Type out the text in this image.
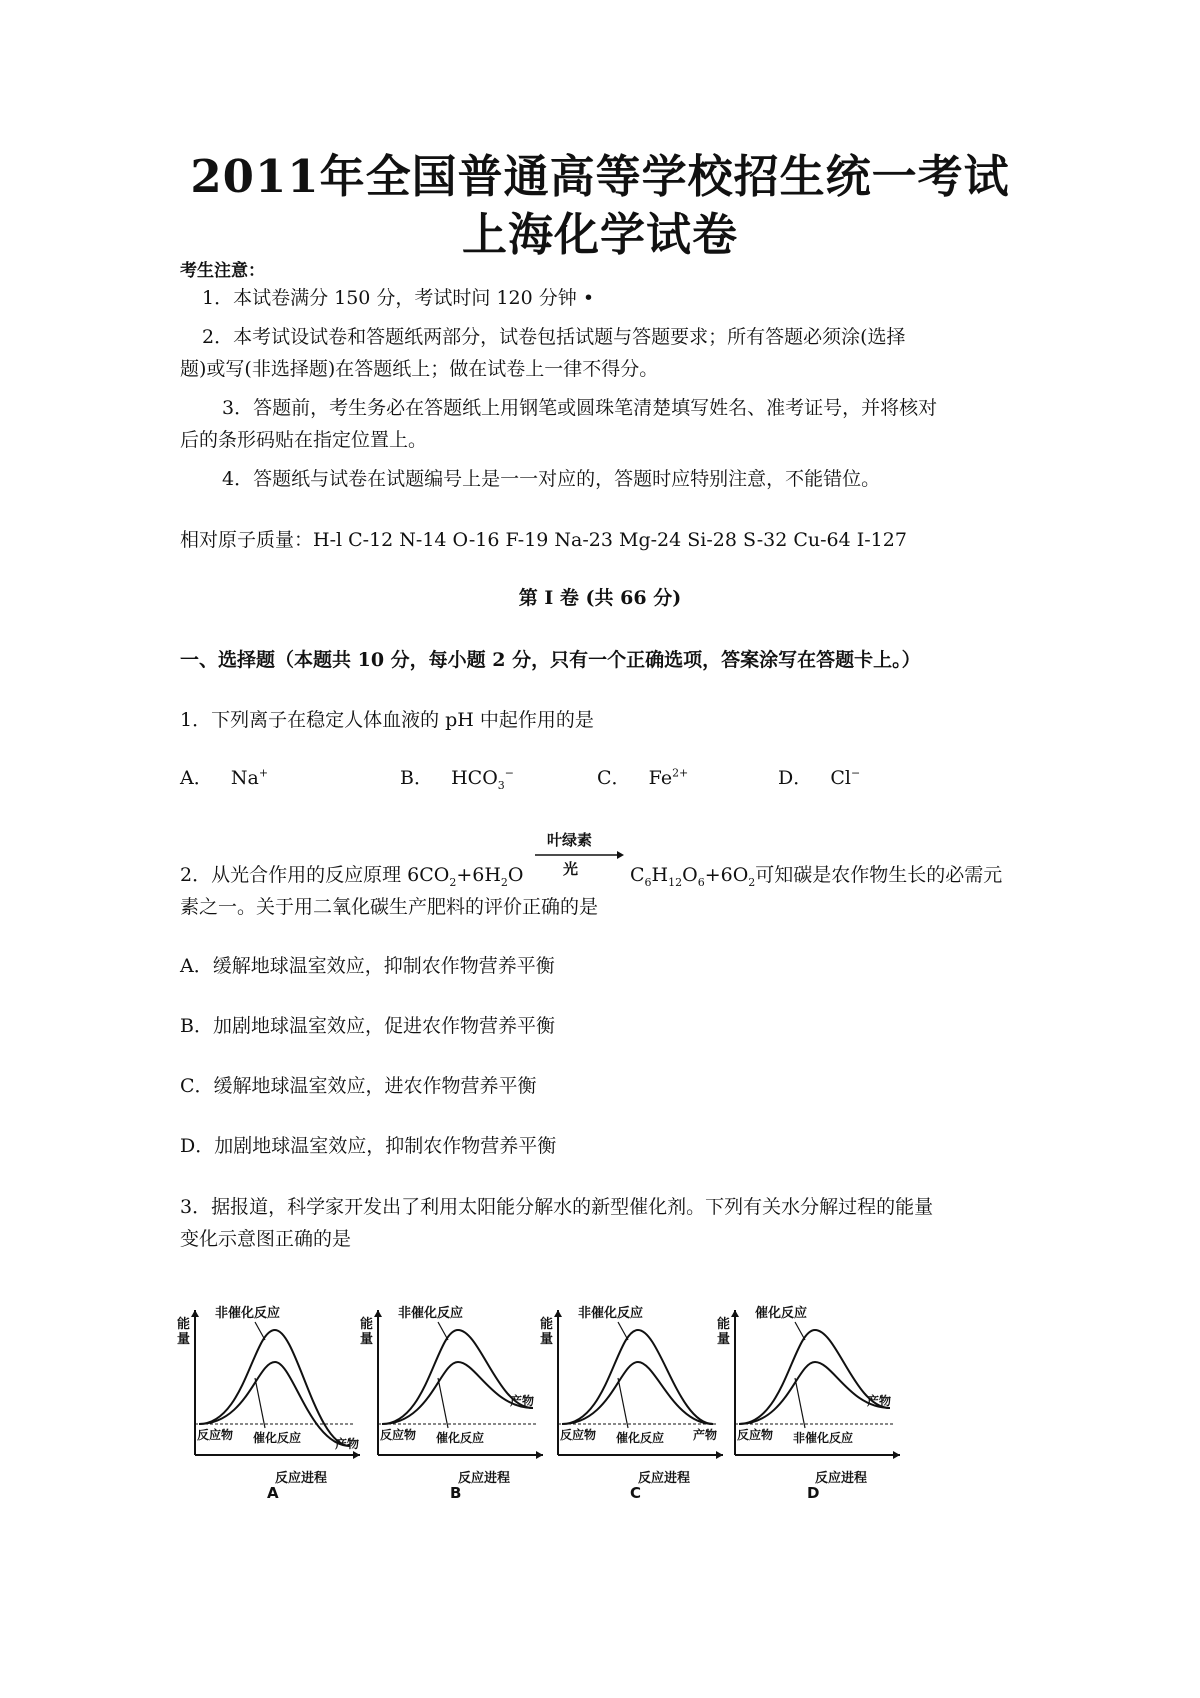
2011年全国普通高等学校招生统一考试
上海化学试卷
考生注意：
1．本试卷满分 150 分，考试时问 120 分钟 •
2．本考试设试卷和答题纸两部分，试卷包括试题与答题要求；所有答题必须涂(选择
题)或写(非选择题)在答题纸上；做在试卷上一律不得分。
3．答题前，考生务必在答题纸上用钢笔或圆珠笔清楚填写姓名、准考证号，并将核对
后的条形码贴在指定位置上。
4．答题纸与试卷在试题编号上是一一对应的，答题时应特别注意，不能错位。
相对原子质量：H-l C-12 N-14 O-16 F-19 Na-23 Mg-24 Si-28 S-32 Cu-64 I-127
第 I 卷 (共 66 分)
一、选择题（本题共 10 分，每小题 2 分，只有一个正确选项，答案涂写在答题卡上。）
1．下列离子在稳定人体血液的 pH 中起作用的是
A． Na+	B． $HCO_3^-$	C． $Fe^{2+}$	D． Cl−
2．从光合作用的反应原理 $6CO_2+6H_2O$
叶绿素
光	$C_6H_{12}O_6+6O_2$可知碳是农作物生长的必需元
素之一。关于用二氧化碳生产肥料的评价正确的是
A．缓解地球温室效应，抑制农作物营养平衡
B．加剧地球温室效应，促进农作物营养平衡
C．缓解地球温室效应，进农作物营养平衡
D．加剧地球温室效应，抑制农作物营养平衡
3．据报道，科学家开发出了利用太阳能分解水的新型催化剂。下列有关水分解过程的能量
变化示意图正确的是
能
量
非催化反应
反应物 催化反应	产物
反应进程
A
能
量
非催化反应
反应物 催化反应
产物
反应进程
B
能
量
非催化反应
反应物 催化反应 产物
反应进程
C
能
量
催化反应
反应物 非催化反应
产物
反应进程
D
